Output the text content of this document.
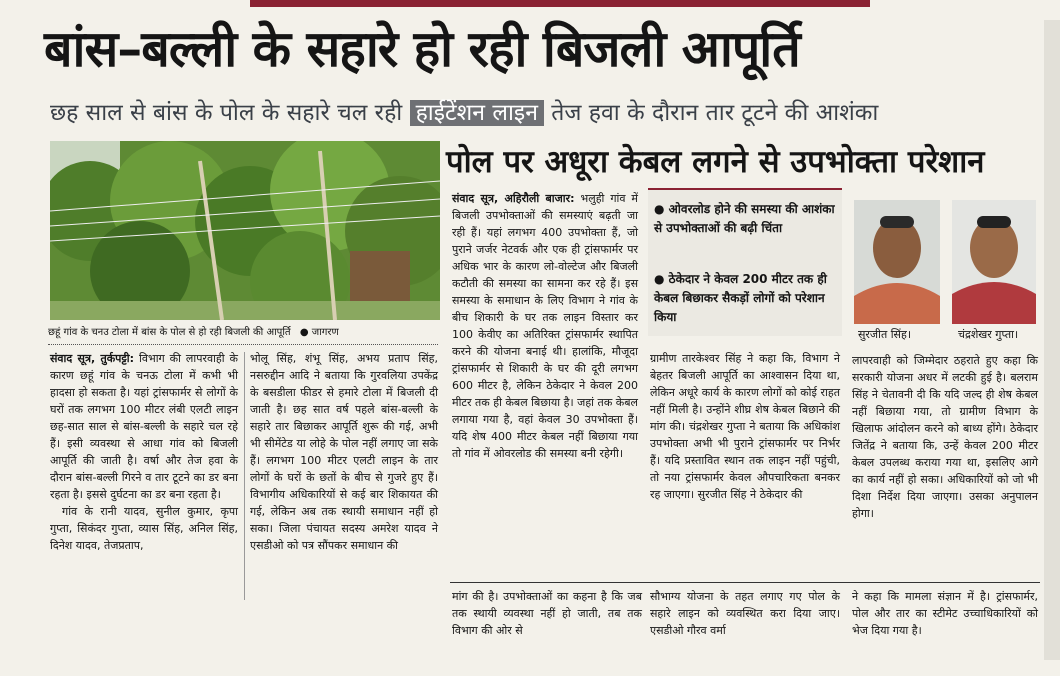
बांस–बल्ली के सहारे हो रही बिजली आपूर्ति
छह साल से बांस के पोल के सहारे चल रही हाईटेंशन लाइन तेज हवा के दौरान तार टूटने की आशंका
छहूं गांव के चनउ टोला में बांस के पोल से हो रही बिजली की आपूर्ति ● जागरण
संवाद सूत्र, तुर्कपट्टी: विभाग की लापरवाही के कारण छहूं गांव के चनऊ टोला में कभी भी हादसा हो सकता है। यहां ट्रांसफार्मर से लोगों के घरों तक लगभग 100 मीटर लंबी एलटी लाइन छह-सात साल से बांस-बल्ली के सहारे चल रहे हैं। इसी व्यवस्था से आधा गांव को बिजली आपूर्ति की जाती है। वर्षा और तेज हवा के दौरान बांस-बल्ली गिरने व तार टूटने का डर बना रहता है। इससे दुर्घटना का डर बना रहता है।
गांव के रानी यादव, सुनील कुमार, कृपा गुप्ता, सिकंदर गुप्ता, व्यास सिंह, अनिल सिंह, दिनेश यादव, तेजप्रताप,
भोलू सिंह, शंभू सिंह, अभय प्रताप सिंह, नसरुद्दीन आदि ने बताया कि गुरवलिया उपकेंद्र के बसडीला फीडर से हमारे टोला में बिजली दी जाती है। छह सात वर्ष पहले बांस-बल्ली के सहारे तार बिछाकर आपूर्ति शुरू की गई, अभी भी सीमेंटेड या लोहे के पोल नहीं लगाए जा सके हैं। लगभग 100 मीटर एलटी लाइन के तार लोगों के घरों के छतों के बीच से गुजरे हुए हैं। विभागीय अधिकारियों से कई बार शिकायत की गई, लेकिन अब तक स्थायी समाधान नहीं हो सका। जिला पंचायत सदस्य अमरेश यादव ने एसडीओ को पत्र सौंपकर समाधान की
पोल पर अधूरा केबल लगने से उपभोक्ता परेशान
संवाद सूत्र, अहिरौली बाजार: भलुही गांव में बिजली उपभोक्ताओं की समस्याएं बढ़ती जा रही हैं। यहां लगभग 400 उपभोक्ता हैं, जो पुराने जर्जर नेटवर्क और एक ही ट्रांसफार्मर पर अधिक भार के कारण लो-वोल्टेज और बिजली कटौती की समस्या का सामना कर रहे हैं। इस समस्या के समाधान के लिए विभाग ने गांव के बीच शिकारी के घर तक लाइन विस्तार कर 100 केवीए का अतिरिक्त ट्रांसफार्मर स्थापित करने की योजना बनाई थी। हालांकि, मौजूदा ट्रांसफार्मर से शिकारी के घर की दूरी लगभग 600 मीटर है, लेकिन ठेकेदार ने केवल 200 मीटर तक ही केबल बिछाया है। जहां तक केबल लगाया गया है, वहां केवल 30 उपभोक्ता हैं। यदि शेष 400 मीटर केबल नहीं बिछाया गया तो गांव में ओवरलोड की समस्या बनी रहेगी।
● ओवरलोड होने की समस्या की आशंका से उपभोक्ताओं की बढ़ी चिंता
● ठेकेदार ने केवल 200 मीटर तक ही केबल बिछाकर सैकड़ों लोगों को परेशान किया
ग्रामीण तारकेश्वर सिंह ने कहा कि, विभाग ने बेहतर बिजली आपूर्ति का आश्वासन दिया था, लेकिन अधूरे कार्य के कारण लोगों को कोई राहत नहीं मिली है। उन्होंने शीघ्र शेष केबल बिछाने की मांग की। चंद्रशेखर गुप्ता ने बताया कि अधिकांश उपभोक्ता अभी भी पुराने ट्रांसफार्मर पर निर्भर हैं। यदि प्रस्तावित स्थान तक लाइन नहीं पहुंची, तो नया ट्रांसफार्मर केवल औपचारिकता बनकर रह जाएगा। सुरजीत सिंह ने ठेकेदार की
सुरजीत सिंह।	चंद्रशेखर गुप्ता।
लापरवाही को जिम्मेदार ठहराते हुए कहा कि सरकारी योजना अधर में लटकी हुई है। बलराम सिंह ने चेतावनी दी कि यदि जल्द ही शेष केबल नहीं बिछाया गया, तो ग्रामीण विभाग के खिलाफ आंदोलन करने को बाध्य होंगे। ठेकेदार जितेंद्र ने बताया कि, उन्हें केवल 200 मीटर केबल उपलब्ध कराया गया था, इसलिए आगे का कार्य नहीं हो सका। अधिकारियों को जो भी दिशा निर्देश दिया जाएगा। उसका अनुपालन होगा।
मांग की है। उपभोक्ताओं का कहना है कि जब तक स्थायी व्यवस्था नहीं हो जाती, तब तक विभाग की ओर से
सौभाग्य योजना के तहत लगाए गए पोल के सहारे लाइन को व्यवस्थित करा दिया जाए। एसडीओ गौरव वर्मा
ने कहा कि मामला संज्ञान में है। ट्रांसफार्मर, पोल और तार का स्टीमेट उच्चाधिकारियों को भेज दिया गया है।
